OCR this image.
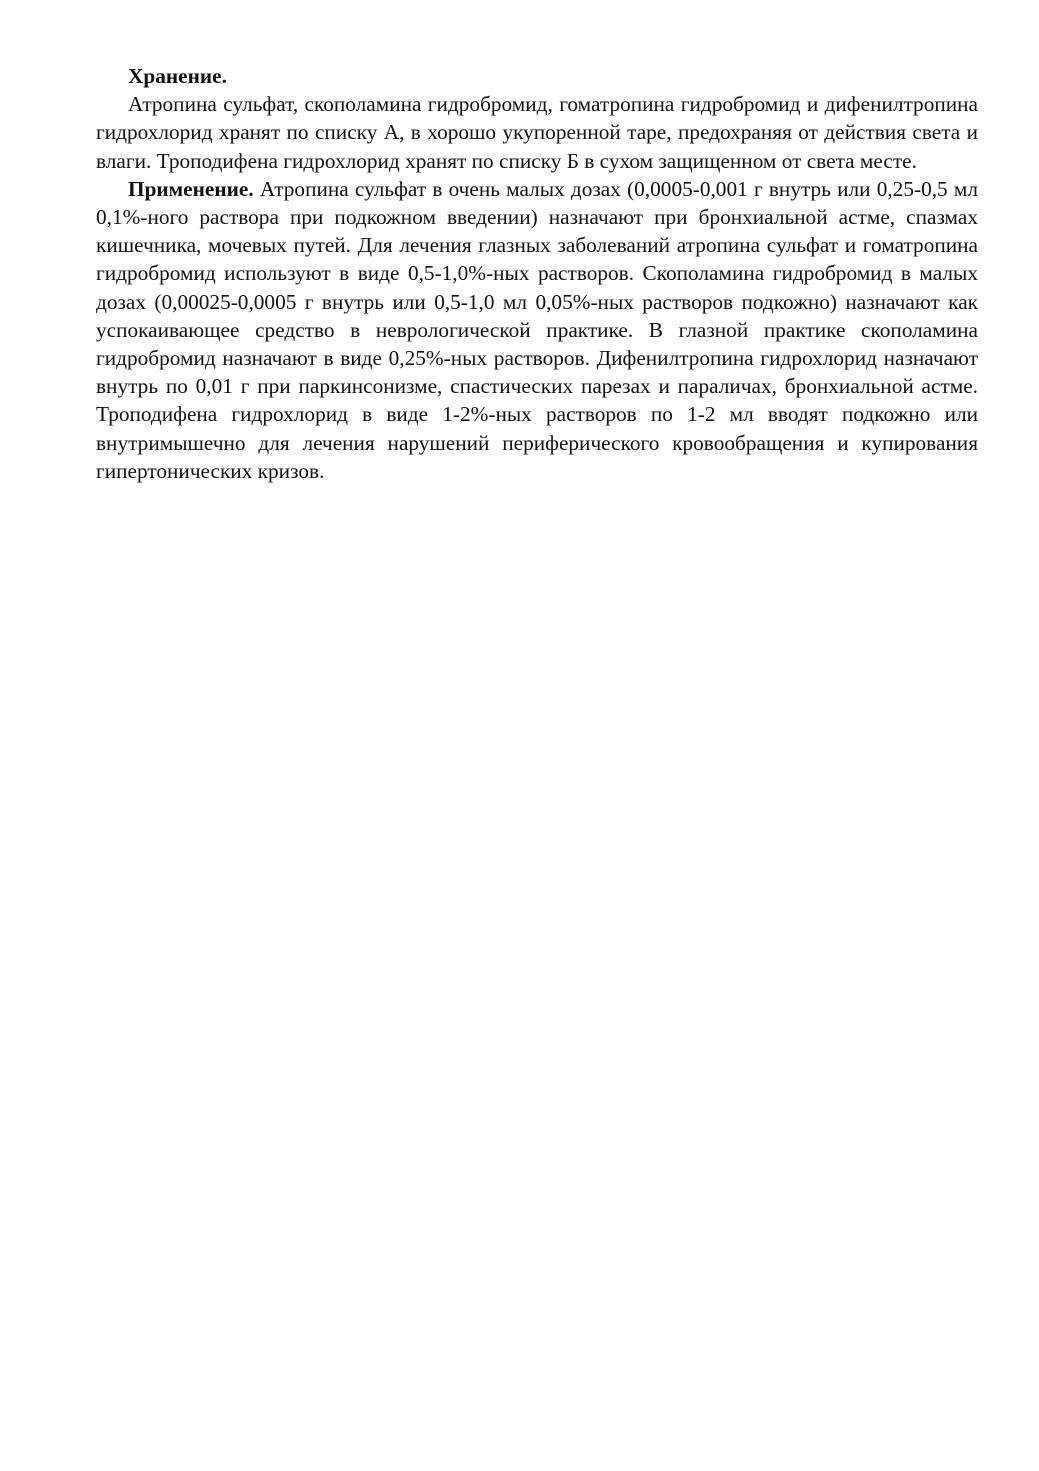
Хранение.

Атропина сульфат, скополамина гидробромид, гоматропина гидробромид и дифенилтропина гидрохлорид хранят по списку А, в хорошо укупоренной таре, предохраняя от действия света и влаги. Троподифена гидрохлорид хранят по списку Б в сухом защищенном от света месте.

Применение. Атропина сульфат в очень малых дозах (0,0005-0,001 г внутрь или 0,25-0,5 мл 0,1%-ного раствора при подкожном введении) назначают при бронхиальной астме, спазмах кишечника, мочевых путей. Для лечения глазных заболеваний атропина сульфат и гоматропина гидробромид используют в виде 0,5-1,0%-ных растворов. Скополамина гидробромид в малых дозах (0,00025-0,0005 г внутрь или 0,5-1,0 мл 0,05%-ных растворов подкожно) назначают как успокаивающее средство в неврологической практике. В глазной практике скополамина гидробромид назначают в виде 0,25%-ных растворов. Дифенилтропина гидрохлорид назначают внутрь по 0,01 г при паркинсонизме, спастических парезах и параличах, бронхиальной астме. Троподифена гидрохлорид в виде 1-2%-ных растворов по 1-2 мл вводят подкожно или внутримышечно для лечения нарушений периферического кровообращения и купирования гипертонических кризов.
